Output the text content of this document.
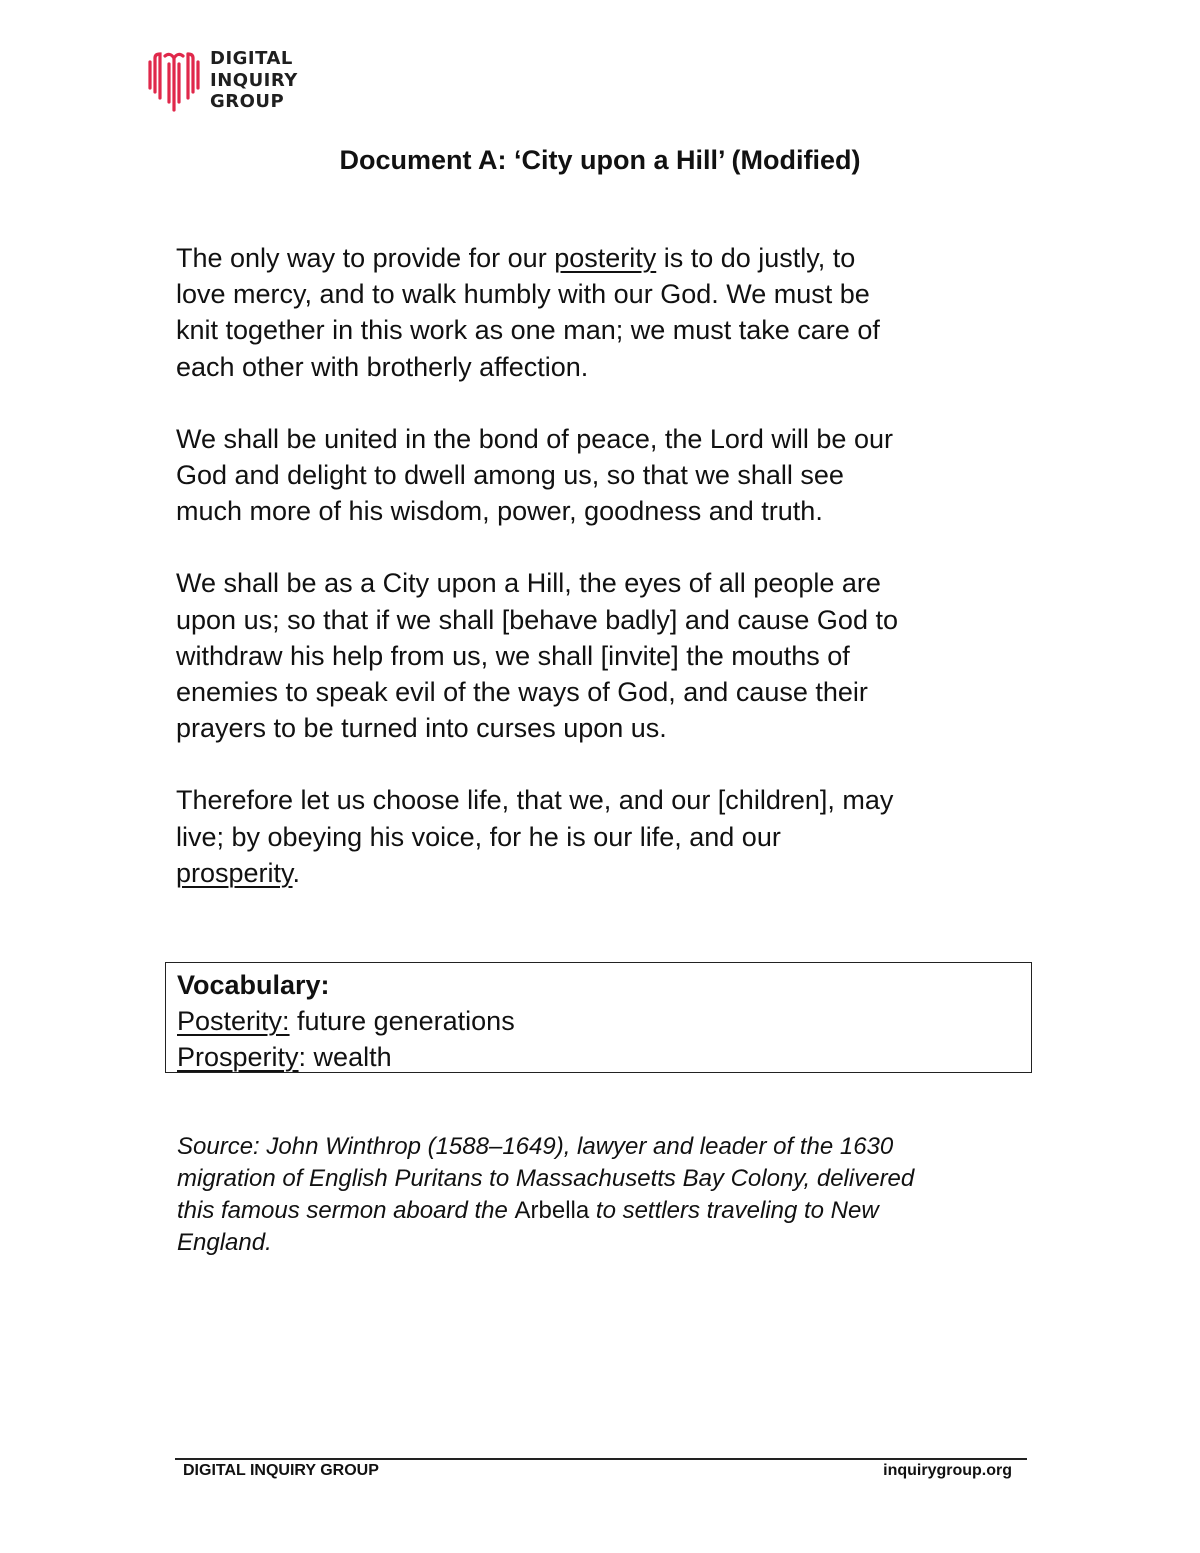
DIGITAL
INQUIRY
GROUP
Document A: ‘City upon a Hill’ (Modified)

The only way to provide for our posterity is to do justly, to
love mercy, and to walk humbly with our God. We must be
knit together in this work as one man; we must take care of
each other with brotherly affection.

We shall be united in the bond of peace, the Lord will be our
God and delight to dwell among us, so that we shall see
much more of his wisdom, power, goodness and truth.

We shall be as a City upon a Hill, the eyes of all people are
upon us; so that if we shall [behave badly] and cause God to
withdraw his help from us, we shall [invite] the mouths of
enemies to speak evil of the ways of God, and cause their
prayers to be turned into curses upon us.

Therefore let us choose life, that we, and our [children], may
live; by obeying his voice, for he is our life, and our
prosperity.

Vocabulary:
Posterity: future generations
Prosperity: wealth
Source: John Winthrop (1588–1649), lawyer and leader of the 1630
migration of English Puritans to Massachusetts Bay Colony, delivered
this famous sermon aboard the Arbella to settlers traveling to New
England.
DIGITAL INQUIRY GROUP	inquirygroup.org
